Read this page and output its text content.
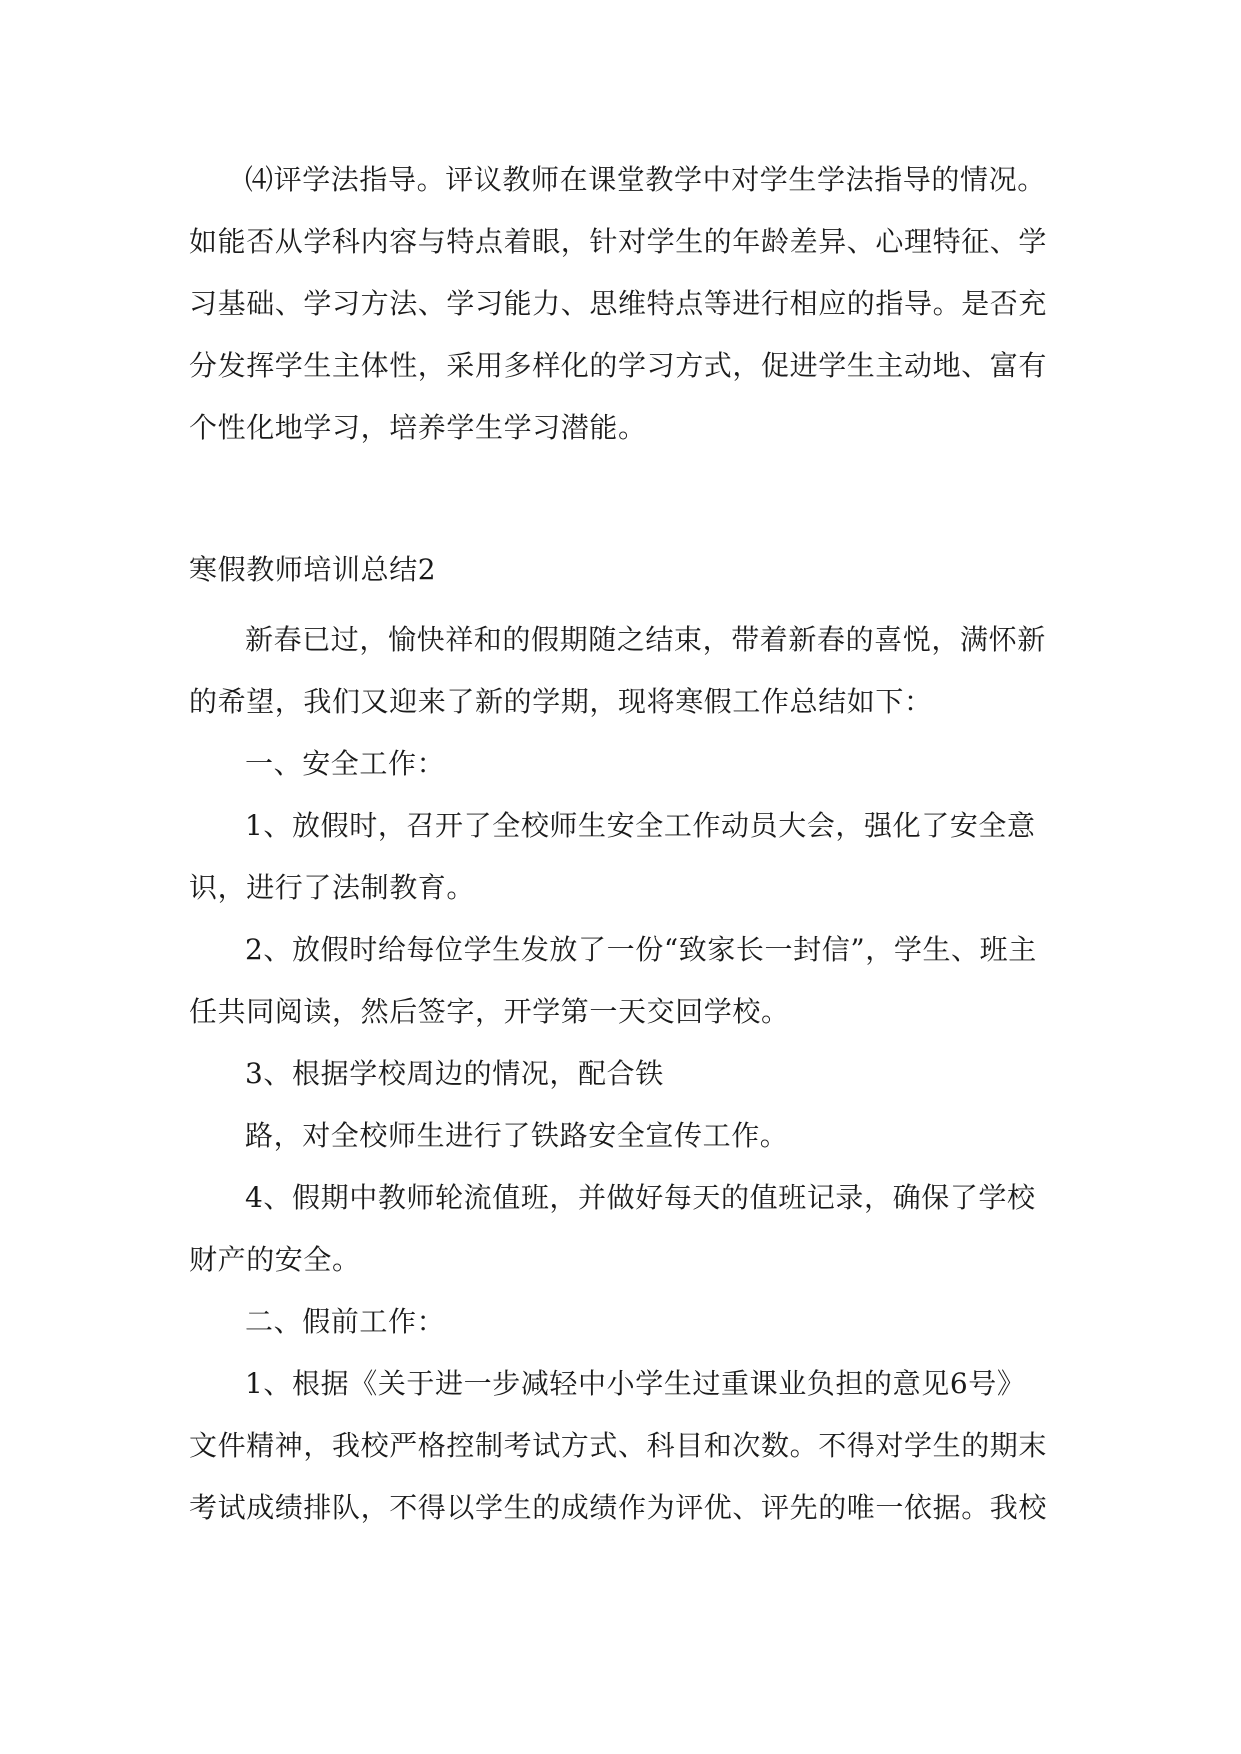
⑷评学法指导。评议教师在课堂教学中对学生学法指导的情况。
如能否从学科内容与特点着眼，针对学生的年龄差异、心理特征、学
习基础、学习方法、学习能力、思维特点等进行相应的指导。是否充
分发挥学生主体性，采用多样化的学习方式，促进学生主动地、富有
个性化地学习，培养学生学习潜能。
寒假教师培训总结2
新春已过，愉快祥和的假期随之结束，带着新春的喜悦，满怀新
的希望，我们又迎来了新的学期，现将寒假工作总结如下：
一、安全工作：
1、放假时，召开了全校师生安全工作动员大会，强化了安全意
识，进行了法制教育。
2、放假时给每位学生发放了一份“致家长一封信”，学生、班主
任共同阅读，然后签字，开学第一天交回学校。
3、根据学校周边的情况，配合铁
路，对全校师生进行了铁路安全宣传工作。
4、假期中教师轮流值班，并做好每天的值班记录，确保了学校
财产的安全。
二、假前工作：
1、根据《关于进一步减轻中小学生过重课业负担的意见6号》
文件精神，我校严格控制考试方式、科目和次数。不得对学生的期末
考试成绩排队，不得以学生的成绩作为评优、评先的唯一依据。我校
